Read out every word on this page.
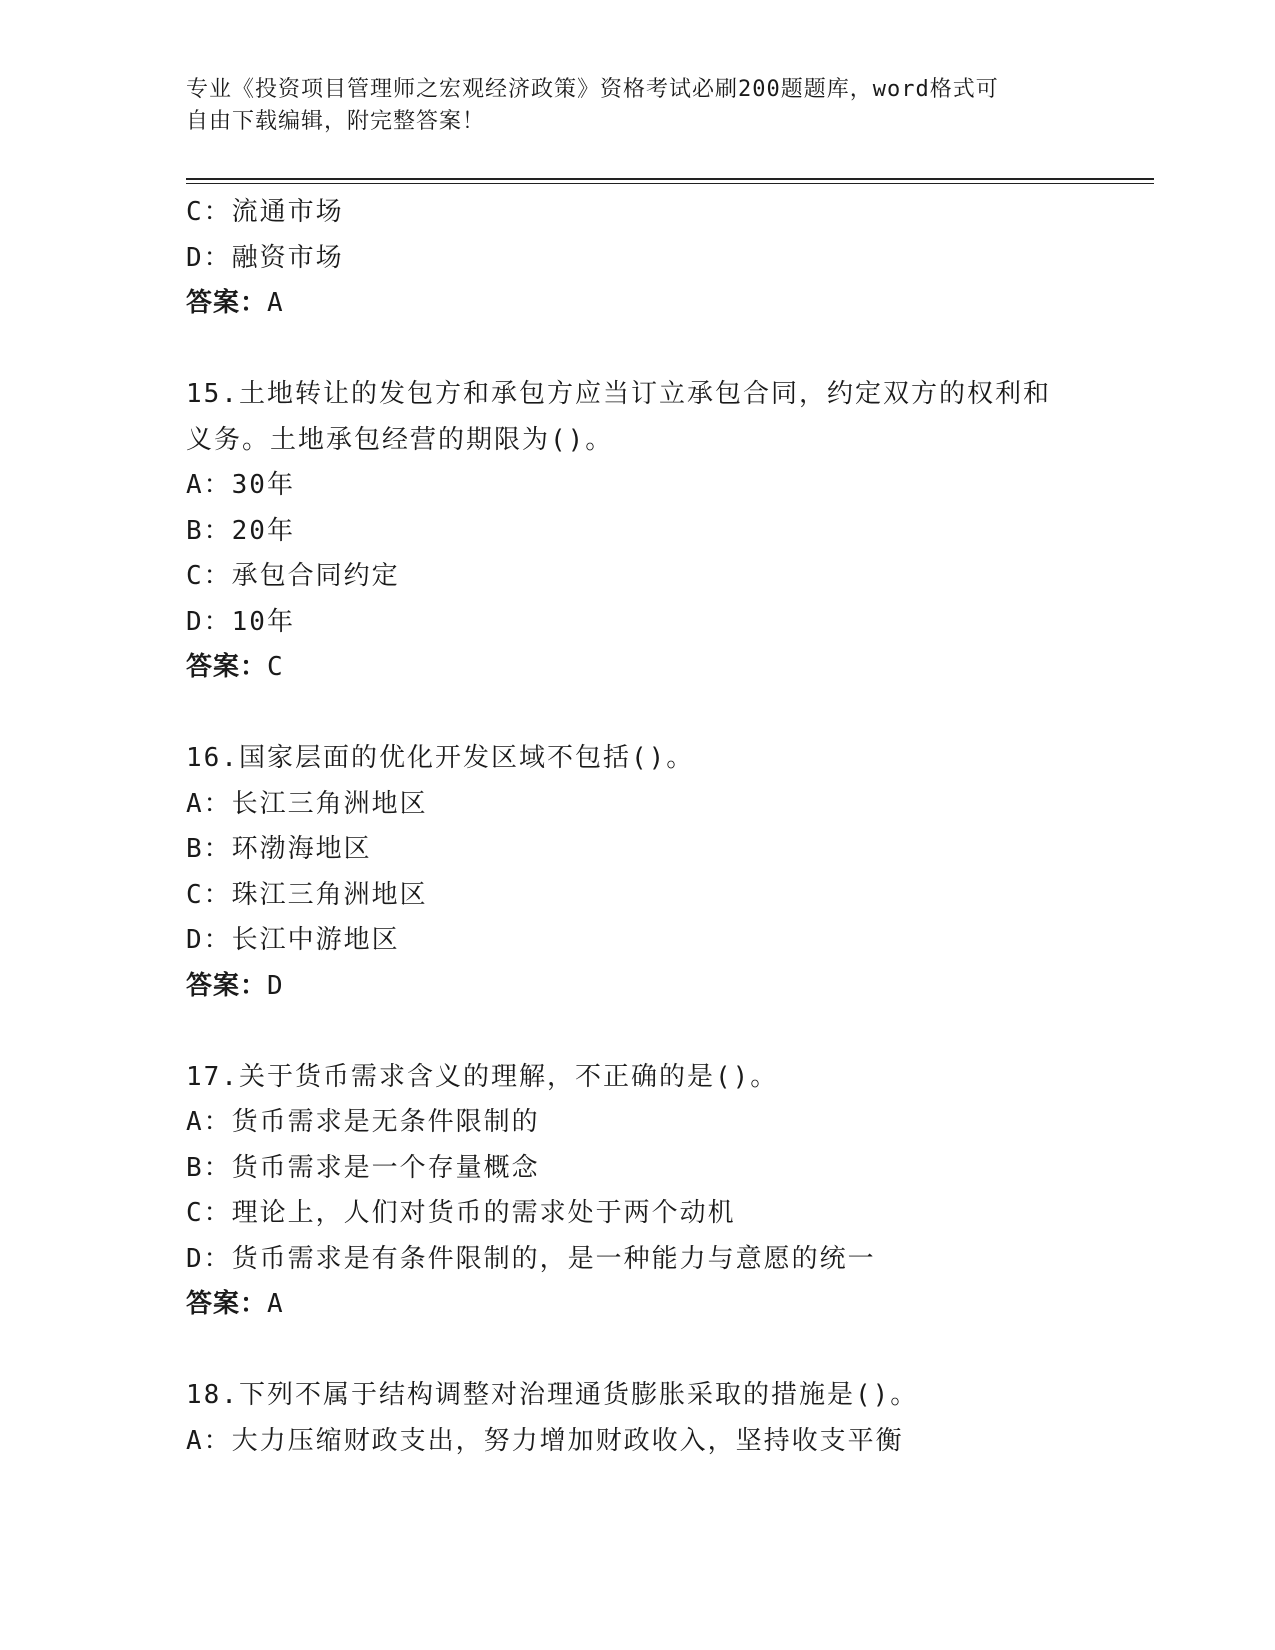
专业《投资项目管理师之宏观经济政策》资格考试必刷200题题库，word格式可
自由下载编辑，附完整答案！
C：流通市场
D：融资市场
答案：A
15.土地转让的发包方和承包方应当订立承包合同，约定双方的权利和
义务。土地承包经营的期限为()。
A：30年
B：20年
C：承包合同约定
D：10年
答案：C
16.国家层面的优化开发区域不包括()。
A：长江三角洲地区
B：环渤海地区
C：珠江三角洲地区
D：长江中游地区
答案：D
17.关于货币需求含义的理解，不正确的是()。
A：货币需求是无条件限制的
B：货币需求是一个存量概念
C：理论上，人们对货币的需求处于两个动机
D：货币需求是有条件限制的，是一种能力与意愿的统一
答案：A
18.下列不属于结构调整对治理通货膨胀采取的措施是()。
A：大力压缩财政支出，努力增加财政收入，坚持收支平衡
